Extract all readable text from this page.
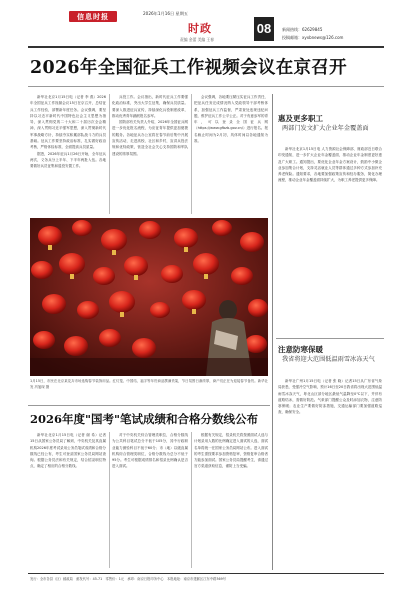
信息时报	2026年1月16日 星期五
时政
责编 金蕾 美编 王春
08	新闻热线：62629845
投稿邮箱：xyxbnews@126.com
2026年全国征兵工作视频会议在京召开
新华社北京1月15日电（记者 李 燕）2026年全国征兵工作视频会议15日在京召开，总结征兵工作经验，部署新年度任务。会议强调，要坚持以习近平新时代中国特色社会主义思想为指导，深入贯彻党的二十大和二十届历次全会精神，深入贯彻习近平强军思想，深入贯彻新时代军事战略方针，持续夯实积累部队战斗力的兵员基础。征兵工作要坚持政治标准，扎实做好政治考核，严格体检标准，全面提高兵员质量。
　　据悉，2026年征兵1月26日开始，全年征兵两次，义务兵分上半年、下半年两批入伍。各地要做好兵员征集和退役安置工作。
兵役工作。会议指出，新时代征兵工作要强化政治标准，突出大学生征集，确保兵员质量。要深入推进征兵宣传，持续深化兵役制度改革，推动优秀青年踊跃报名参军。
　　国防部有关负责人介绍，2026年全国征兵网进一步优化报名流程，为应征青年提供更加便捷的服务。各地征兵办公室将在春节前后集中开展宣传活动，走进高校、社区和乡村，宣讲兵役法规和优待政策，营造全社会关心支持国防和军队建设的浓厚氛围。
会议强调，各地要压紧压实征兵工作责任，把征兵任务完成情况纳入党政领导干部考核体系，加强征兵工作监督，严肃查处违规违纪问题，维护征兵工作公平公正。对于有意参军的青年，可以登录全国征兵网（https://www.gfbzb.gov.cn/）进行报名。报名截止时间为2月初，具体时间以各地通知为准。
1月15日，市民在北京某花卉市场选购春节装饰用品。红灯笼、中国结、福字等年货商品摆满货架，节日氛围日渐浓厚，商户们正在为迎接春节备货。新华社 发 冯旭琛 摄
2026年度"国考"笔试成绩和合格分数线公布
新华社北京1月15日电（记者 谢 希）记者15日从国家公务员局了解到，中央机关及其直属机构2026年度考试录用公务员笔试成绩和合格分数线已经公布，考生可登录国家公务员局网站查询。根据公务员法和有关规定，结合招录职位特点，确定了相应的合格分数线。
对于中央机关综合管理类职位，合格分数线为公共科目笔试总分不低于105分，其中行政职业能力测验科目不低于60分；市（地）以级直属机构综合管理类职位，合格分数线为总分不低于95分。考生可根据成绩排名和招录比例确认是否进入面试。
根据有关规定，招录机关将按照面试人选与计划录用人数的比例确定进入面试的人选，面试名单将统一在国家公务员局网站公布。进入面试的考生需按要求参加资格复审，资格复审合格者方能参加面试。国家公务员局提醒考生，请通过官方渠道获取信息，谨防上当受骗。
惠及更多职工
两部门发文扩大企业年金覆盖面
新华社北京1月15日电 人力资源社会保障部、财政部近日联合印发通知，进一步扩大企业年金覆盖面，推动企业年金制度更好惠及广大职工。通知提出，要优化企业年金方案设计，鼓励中小微企业参加集合计划，支持灵活就业人员等群体通过多种方式参加补充养老保险。通知要求，各地要加强政策宣传和经办服务，简化办理流程，推动企业年金覆盖面持续扩大，为职工养老提供更多保障。
注意防寒保暖
我省将迎大范围低温雨雪冰冻天气
新华社广州1月15日电（记者 张 晓）记者15日从广东省气象局获悉，受强冷空气影响，预计16日至20日我省将出现大范围低温雨雪冰冻天气，粤北山区部分地区最低气温降至0℃以下，并伴有道路结冰，需做好防范。气象部门提醒公众及时添加衣物，注意防寒保暖；农业生产要做好防冻措施，交通运输部门要加强道路巡查，确保安全。
发行：全市各县（区）邮政局　邮发代号：45-71　零售价：1元　承印：南京日报印务中心　本报地址：南京市建邺区江东中路369号
